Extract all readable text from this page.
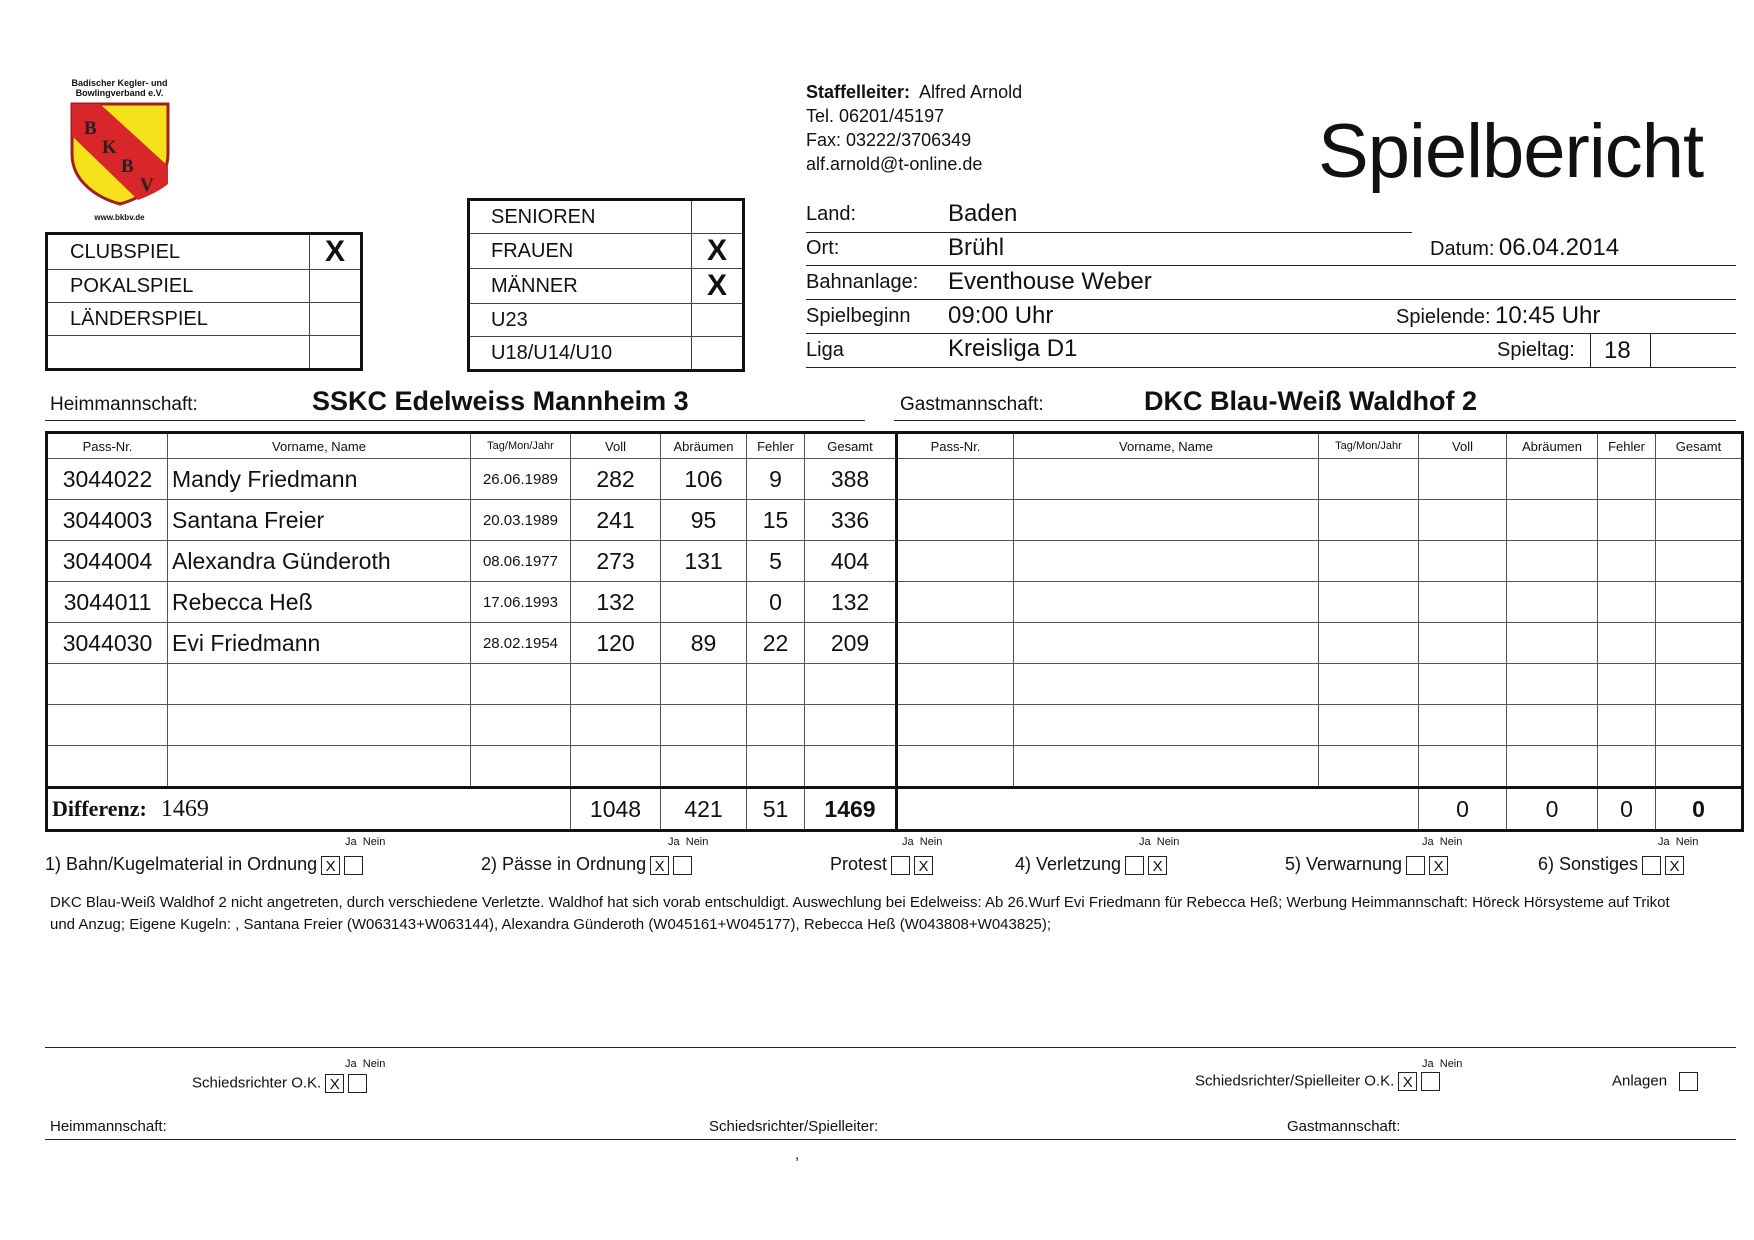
Badischer Kegler- und
Bowlingverband e.V.
B
K
B
V
www.bkbv.de
Staffelleiter: Alfred Arnold
Tel. 06201/45197
Fax: 03222/3706349
alf.arnold@t-online.de	Spielbericht
CLUBSPIEL	X
POKALSPIEL	
LÄNDERSPIEL	

SENIOREN	
FRAUEN	X
MÄNNER	X
U23	
U18/U14/U10	
Land:	Baden
Ort:	Brühl	Datum: 06.04.2014
Bahnanlage: Eventhouse Weber
Spielbeginn 09:00 Uhr	Spielende: 10:45 Uhr
Liga	Kreisliga D1	Spieltag: 18
Heimmannschaft:	SSKC Edelweiss Mannheim 3	Gastmannschaft:	DKC Blau-Weiß Waldhof 2
Pass-Nr.	Vorname, Name	Tag/Mon/Jahr	Voll	Abräumen	Fehler	Gesamt	Pass-Nr.	Vorname, Name	Tag/Mon/Jahr	Voll	Abräumen	Fehler	Gesamt
3044022	Mandy Friedmann	26.06.1989	282	106	9	388							
3044003	Santana Freier	20.03.1989	241	95	15	336							
3044004	Alexandra Günderoth	08.06.1977	273	131	5	404							
3044011	Rebecca Heß	17.06.1993	132		0	132							
3044030	Evi Friedmann	28.02.1954	120	89	22	209							

Differenz: 1469			1048	421	51	1469				0	0	0	0
Ja Nein
1) Bahn/Kugelmaterial in Ordnung X
Ja Nein
2) Pässe in Ordnung X
Ja Nein
Protest X
Ja Nein
4) Verletzung X
Ja Nein
5) Verwarnung X
Ja Nein
6) Sonstiges X
DKC Blau-Weiß Waldhof 2 nicht angetreten, durch verschiedene Verletzte. Waldhof hat sich vorab entschuldigt. Auswechlung bei Edelweiss: Ab 26.Wurf Evi Friedmann für Rebecca Heß; Werbung Heimmannschaft: Höreck Hörsysteme auf Trikot und Anzug; Eigene Kugeln: , Santana Freier (W063143+W063144), Alexandra Günderoth (W045161+W045177), Rebecca Heß (W043808+W043825);
Ja Nein
Schiedsrichter O.K. X
Ja Nein
Schiedsrichter/Spielleiter O.K. X	Anlagen
Heimmannschaft:	Schiedsrichter/Spielleiter:	Gastmannschaft:
,
